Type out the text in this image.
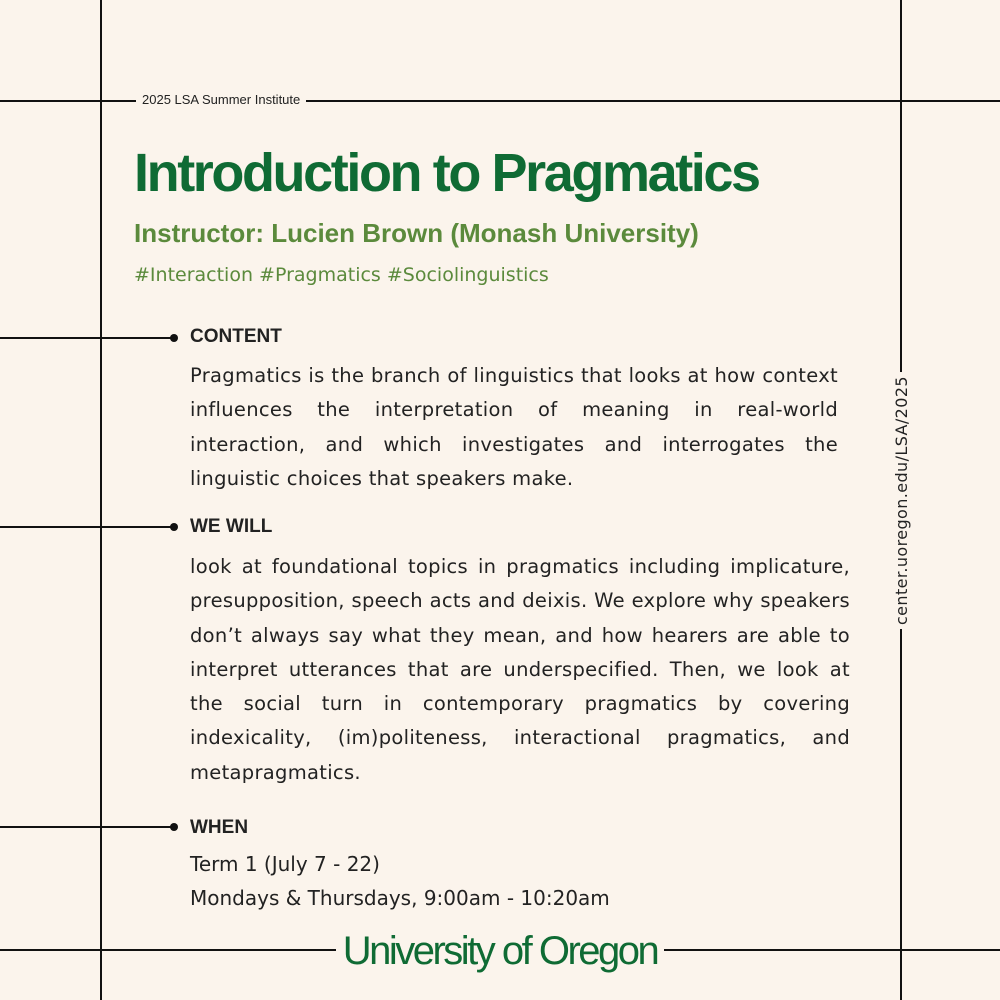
2025 LSA Summer Institute
Introduction to Pragmatics
Instructor: Lucien Brown (Monash University)

#Interaction #Pragmatics #Sociolinguistics

CONTENT

Pragmatics is the branch of linguistics that looks at how context influences the interpretation of meaning in real-world interaction, and which investigates and interrogates the linguistic choices that speakers make.

WE WILL

look at foundational topics in pragmatics including implicature, presupposition, speech acts and deixis. We explore why speakers don’t always say what they mean, and how hearers are able to interpret utterances that are underspecified. Then, we look at the social turn in contemporary pragmatics by covering indexicality, (im)politeness, interactional pragmatics, and metapragmatics.

WHEN
Term 1 (July 7 - 22)
Mondays & Thursdays, 9:00am - 10:20am
center.uoregon.edu/LSA/2025
University of Oregon
